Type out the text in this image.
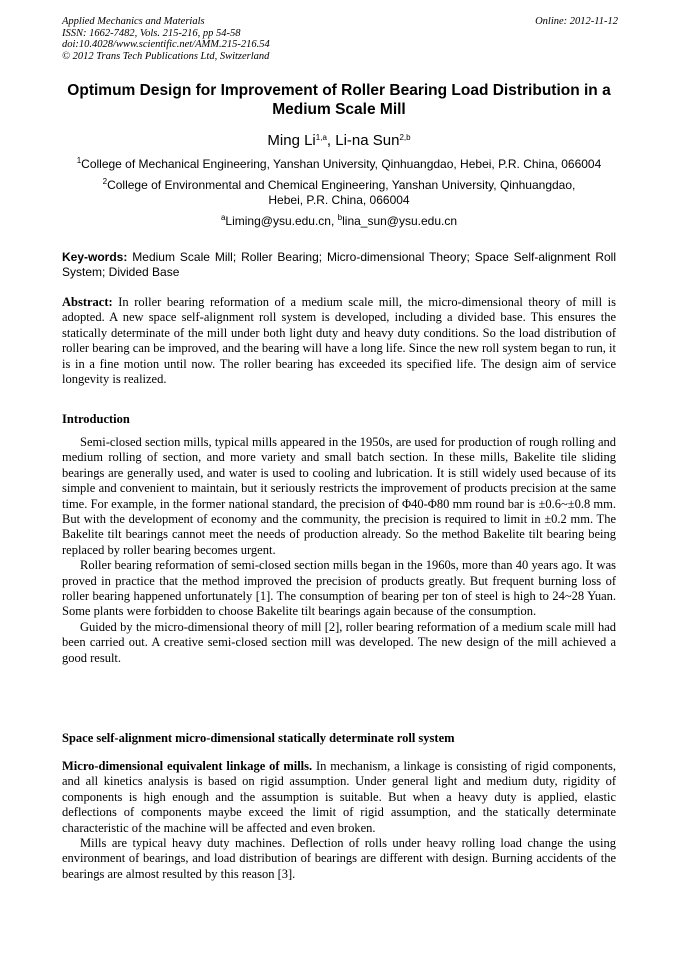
Applied Mechanics and Materials
ISSN: 1662-7482, Vols. 215-216, pp 54-58
doi:10.4028/www.scientific.net/AMM.215-216.54
© 2012 Trans Tech Publications Ltd, Switzerland
Online: 2012-11-12
Optimum Design for Improvement of Roller Bearing Load Distribution in a Medium Scale Mill
Ming Li$^{1,a}$, Li-na Sun$^{2,b}$
$^1$College of Mechanical Engineering, Yanshan University, Qinhuangdao, Hebei, P.R. China, 066004
$^2$College of Environmental and Chemical Engineering, Yanshan University, Qinhuangdao, Hebei, P.R. China, 066004
$^a$Liming@ysu.edu.cn, $^b$lina_sun@ysu.edu.cn
Key-words: Medium Scale Mill; Roller Bearing; Micro-dimensional Theory; Space Self-alignment Roll System; Divided Base

Abstract: In roller bearing reformation of a medium scale mill, the micro-dimensional theory of mill is adopted. A new space self-alignment roll system is developed, including a divided base. This ensures the statically determinate of the mill under both light duty and heavy duty conditions. So the load distribution of roller bearing can be improved, and the bearing will have a long life. Since the new roll system began to run, it is in a fine motion until now. The roller bearing has exceeded its specified life. The design aim of service longevity is realized.

Introduction

Semi-closed section mills, typical mills appeared in the 1950s, are used for production of rough rolling and medium rolling of section, and more variety and small batch section. In these mills, Bakelite tile sliding bearings are generally used, and water is used to cooling and lubrication. It is still widely used because of its simple and convenient to maintain, but it seriously restricts the improvement of products precision at the same time. For example, in the former national standard, the precision of Φ40-Φ80 mm round bar is ±0.6~±0.8 mm. But with the development of economy and the community, the precision is required to limit in ±0.2 mm. The Bakelite tilt bearings cannot meet the needs of production already. So the method Bakelite tilt bearing being replaced by roller bearing becomes urgent.

Roller bearing reformation of semi-closed section mills began in the 1960s, more than 40 years ago. It was proved in practice that the method improved the precision of products greatly. But frequent burning loss of roller bearing happened unfortunately [1]. The consumption of bearing per ton of steel is high to 24~28 Yuan. Some plants were forbidden to choose Bakelite tilt bearings again because of the consumption.

Guided by the micro-dimensional theory of mill [2], roller bearing reformation of a medium scale mill had been carried out. A creative semi-closed section mill was developed. The new design of the mill achieved a good result.

Space self-alignment micro-dimensional statically determinate roll system

Micro-dimensional equivalent linkage of mills. In mechanism, a linkage is consisting of rigid components, and all kinetics analysis is based on rigid assumption. Under general light and medium duty, rigidity of components is high enough and the assumption is suitable. But when a heavy duty is applied, elastic deflections of components maybe exceed the limit of rigid assumption, and the statically determinate characteristic of the machine will be affected and even broken.

Mills are typical heavy duty machines. Deflection of rolls under heavy rolling load change the using environment of bearings, and load distribution of bearings are different with design. Burning accidents of the bearings are almost resulted by this reason [3].
